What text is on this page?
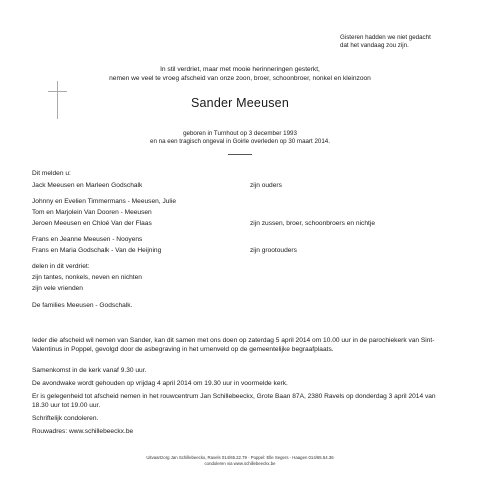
Gisteren hadden we niet gedacht
dat het vandaag zou zijn.
In stil verdriet, maar met mooie herinneringen gesterkt,
nemen we veel te vroeg afscheid van onze zoon, broer, schoonbroer, nonkel en kleinzoon
Sander Meeusen
geboren in Turnhout op 3 december 1993
en na een tragisch ongeval in Goirle overleden op 30 maart 2014.
Dit melden u:
Jack Meeusen en Marleen Godschalk	zijn ouders
Johnny en Evelien Timmermans - Meeusen, Julie
Tom en Marjolein Van Dooren - Meeusen
Jeroen Meeusen en Chloé Van der Flaas	zijn zussen, broer, schoonbroers en nichtje
Frans en Jeanne Meeusen - Nooyens
Frans en Maria Godschalk - Van de Heijning	zijn grootouders
delen in dit verdriet:
zijn tantes, nonkels, neven en nichten
zijn vele vrienden
De families Meeusen - Godschalk.
Ieder die afscheid wil nemen van Sander, kan dit samen met ons doen op zaterdag 5 april 2014 om 10.00 uur in de parochiekerk van Sint-Valentinus in Poppel, gevolgd door de asbegraving in het urnenveld op de gemeentelijke begraafplaats.
Samenkomst in de kerk vanaf 9.30 uur.
De avondwake wordt gehouden op vrijdag 4 april 2014 om 19.30 uur in voormelde kerk.
Er is gelegenheid tot afscheid nemen in het rouwcentrum Jan Schillebeeckx, Grote Baan 87A, 2380 Ravels op donderdag 3 april 2014 van 18.30 uur tot 19.00 uur.
Schriftelijk condoleren.
Rouwadres: www.schillebeeckx.be
Uitvaartzorg Jan Schillebeeckx, Ravels 014/65.22.79 · Poppel: Elle Segers - Haagen 014/65.54.36
condoleren via www.schillebeeckx.be
